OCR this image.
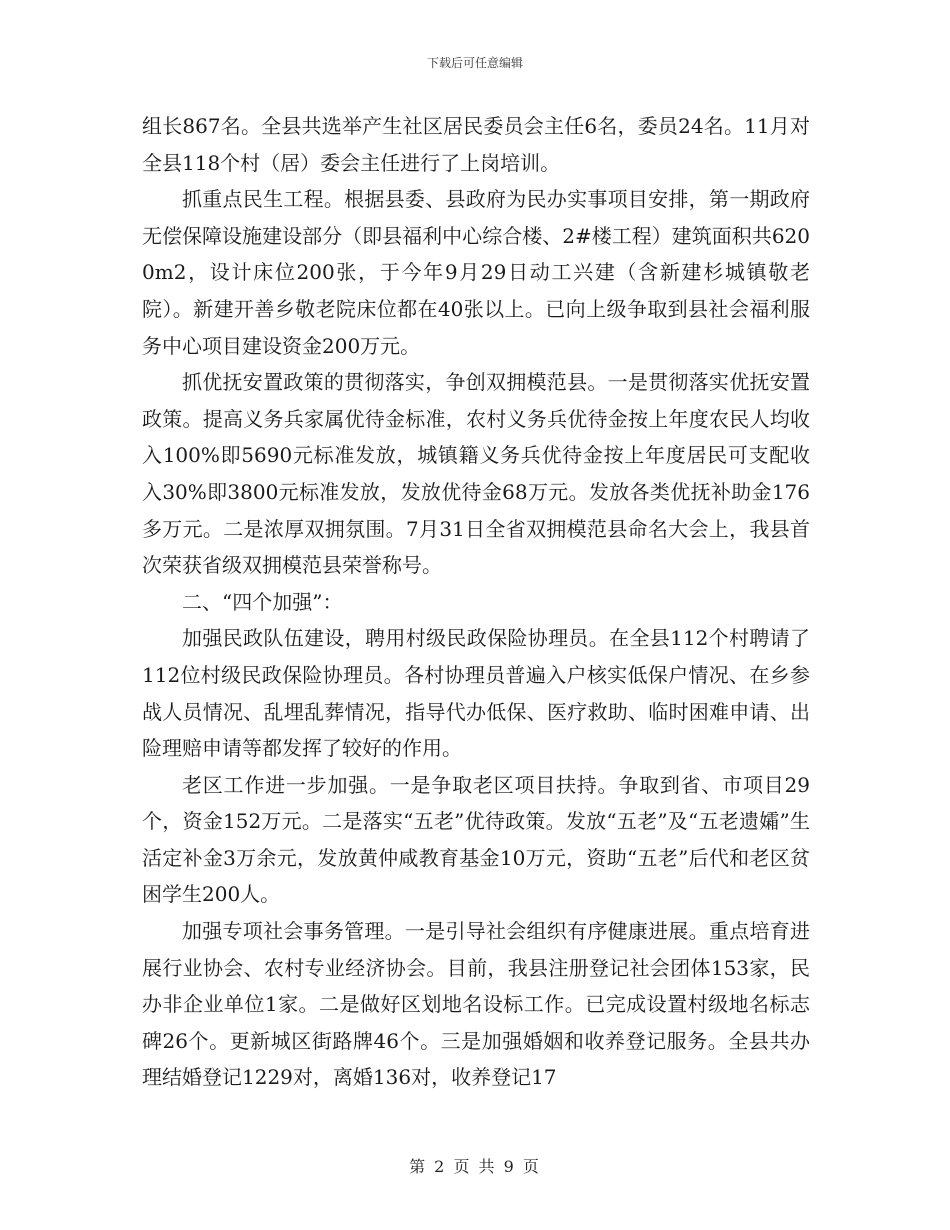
下载后可任意编辑

组长867名。全县共选举产生社区居民委员会主任6名，委员24名。11月对全县118个村（居）委会主任进行了上岗培训。

抓重点民生工程。根据县委、县政府为民办实事项目安排，第一期政府无偿保障设施建设部分（即县福利中心综合楼、2#楼工程）建筑面积共6200m2，设计床位200张，于今年9月29日动工兴建（含新建杉城镇敬老院）。新建开善乡敬老院床位都在40张以上。已向上级争取到县社会福利服务中心项目建设资金200万元。

抓优抚安置政策的贯彻落实，争创双拥模范县。一是贯彻落实优抚安置政策。提高义务兵家属优待金标准，农村义务兵优待金按上年度农民人均收入100%即5690元标准发放，城镇籍义务兵优待金按上年度居民可支配收入30%即3800元标准发放，发放优待金68万元。发放各类优抚补助金176多万元。二是浓厚双拥氛围。7月31日全省双拥模范县命名大会上，我县首次荣获省级双拥模范县荣誉称号。

二、“四个加强”：

加强民政队伍建设，聘用村级民政保险协理员。在全县112个村聘请了112位村级民政保险协理员。各村协理员普遍入户核实低保户情况、在乡参战人员情况、乱埋乱葬情况，指导代办低保、医疗救助、临时困难申请、出险理赔申请等都发挥了较好的作用。

老区工作进一步加强。一是争取老区项目扶持。争取到省、市项目29个，资金152万元。二是落实“五老”优待政策。发放“五老”及“五老遗孀”生活定补金3万余元，发放黄仲咸教育基金10万元，资助“五老”后代和老区贫困学生200人。

加强专项社会事务管理。一是引导社会组织有序健康进展。重点培育进展行业协会、农村专业经济协会。目前，我县注册登记社会团体153家，民办非企业单位1家。二是做好区划地名设标工作。已完成设置村级地名标志碑26个。更新城区街路牌46个。三是加强婚姻和收养登记服务。全县共办理结婚登记1229对，离婚136对，收养登记17

第 2 页 共 9 页
